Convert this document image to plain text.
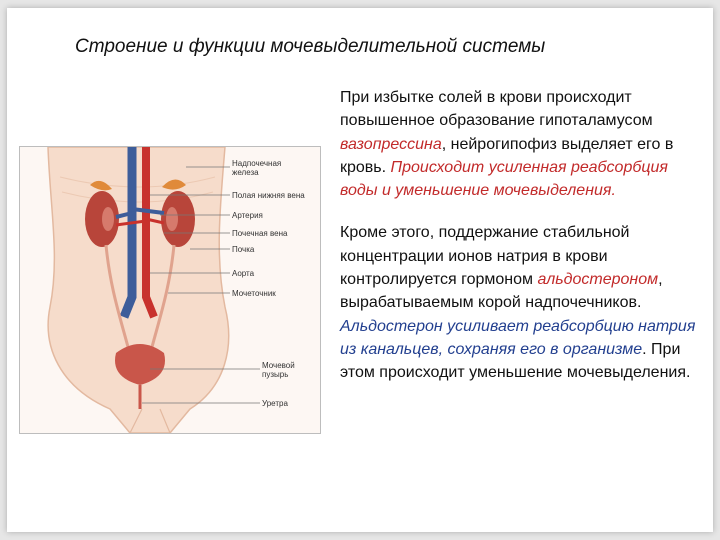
Строение и функции мочевыделительной системы
Надпочечная
железа
Полая нижняя вена
Артерия
Почечная вена
Почка
Аорта
Мочеточник
Мочевой
пузырь
Уретра

При избытке солей в крови происходит повышенное образование гипоталамусом вазопрессина, нейрогипофиз выделяет его в кровь. Происходит усиленная реабсорбция воды и уменьшение мочевыделения.

Кроме этого, поддержание стабильной концентрации ионов натрия в крови контролируется гормоном альдостероном, вырабатываемым корой надпочечников. Альдостерон усиливает реабсорбцию натрия из канальцев, сохраняя его в организме. При этом происходит уменьшение мочевыделения.
